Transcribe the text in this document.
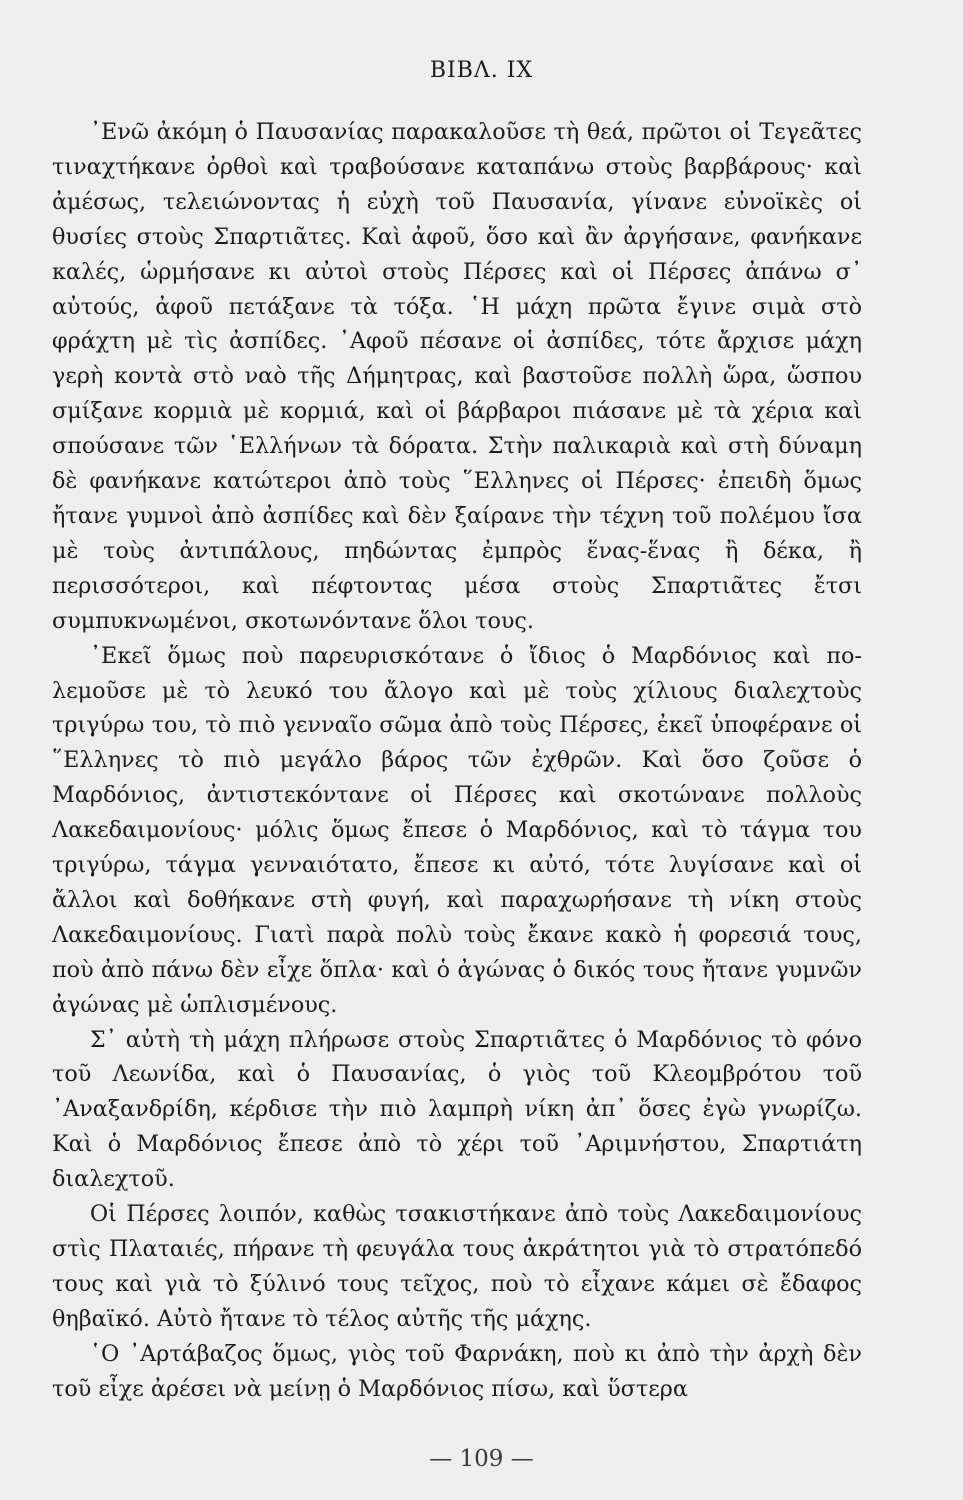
ΒΙΒΛ. IX

᾿Ενῶ ἀκόμη ὁ Παυσανίας παρακαλοῦσε τὴ θεά, πρῶτοι οἱ Τεγεᾶτες τιναχτήκανε ὀρθοὶ καὶ τραβούσανε καταπάνω στοὺς βαρβάρους· καὶ ἀμέσως, τελειώνοντας ἡ εὐχὴ τοῦ Παυσανία, γίνανε εὐνοϊκὲς οἱ θυσίες στοὺς Σπαρτιᾶτες. Καὶ ἀφοῦ, ὅσο καὶ ἂν ἀργήσανε, φανήκανε καλές, ὡρμήσανε κι αὐτοὶ στοὺς Πέρσες καὶ οἱ Πέρσες ἀπάνω σ᾿ αὐτούς, ἀφοῦ πετάξανε τὰ τόξα. ῾Η μάχη πρῶτα ἔγινε σιμὰ στὸ φράχτη μὲ τὶς ἀσπίδες. ᾿Αφοῦ πέσανε οἱ ἀσπίδες, τότε ἄρχισε μάχη γερὴ κοντὰ στὸ ναὸ τῆς Δήμητρας, καὶ βαστοῦσε πολλὴ ὥρα, ὥσπου σμίξανε κορμιὰ μὲ κορμιά, καὶ οἱ βάρβαροι πιάσανε μὲ τὰ χέρια καὶ σπούσανε τῶν ῾Ελλήνων τὰ δόρατα. Στὴν παλικαριὰ καὶ στὴ δύναμη δὲ φανήκανε κατώτεροι ἀπὸ τοὺς ῞Ελληνες οἱ Πέρσες· ἐπειδὴ ὅμως ἤτανε γυμνοὶ ἀπὸ ἀσπίδες καὶ δὲν ξαίρανε τὴν τέχνη τοῦ πολέμου ἴσα μὲ τοὺς ἀντιπάλους, πηδώντας ἐμπρὸς ἕνας-ἕνας ἢ δέκα, ἢ περισσότεροι, καὶ πέφτοντας μέσα στοὺς Σπαρτιᾶτες ἔτσι συμπυκνωμένοι, σκοτωνόντανε ὅλοι τους.

᾿Εκεῖ ὅμως ποὺ παρευρισκότανε ὁ ἴδιος ὁ Μαρδόνιος καὶ πολεμοῦσε μὲ τὸ λευκό του ἄλογο καὶ μὲ τοὺς χίλιους διαλεχτοὺς τριγύρω του, τὸ πιὸ γενναῖο σῶμα ἀπὸ τοὺς Πέρσες, ἐκεῖ ὑποφέρανε οἱ ῞Ελληνες τὸ πιὸ μεγάλο βάρος τῶν ἐχθρῶν. Καὶ ὅσο ζοῦσε ὁ Μαρδόνιος, ἀντιστεκόντανε οἱ Πέρσες καὶ σκοτώνανε πολλοὺς Λακεδαιμονίους· μόλις ὅμως ἔπεσε ὁ Μαρδόνιος, καὶ τὸ τάγμα του τριγύρω, τάγμα γενναιότατο, ἔπεσε κι αὐτό, τότε λυγίσανε καὶ οἱ ἄλλοι καὶ δοθήκανε στὴ φυγή, καὶ παραχωρήσανε τὴ νίκη στοὺς Λακεδαιμονίους. Γιατὶ παρὰ πολὺ τοὺς ἔκανε κακὸ ἡ φορεσιά τους, ποὺ ἀπὸ πάνω δὲν εἶχε ὅπλα· καὶ ὁ ἀγώνας ὁ δικός τους ἤτανε γυμνῶν ἀγώνας μὲ ὡπλισμένους.

Σ᾿ αὐτὴ τὴ μάχη πλήρωσε στοὺς Σπαρτιᾶτες ὁ Μαρδόνιος τὸ φόνο τοῦ Λεωνίδα, καὶ ὁ Παυσανίας, ὁ γιὸς τοῦ Κλεομβρότου τοῦ ᾿Αναξανδρίδη, κέρδισε τὴν πιὸ λαμπρὴ νίκη ἀπ᾿ ὅσες ἐγὼ γνωρίζω. Καὶ ὁ Μαρδόνιος ἔπεσε ἀπὸ τὸ χέρι τοῦ ᾿Αριμνήστου, Σπαρτιάτη διαλεχτοῦ.

Οἱ Πέρσες λοιπόν, καθὼς τσακιστήκανε ἀπὸ τοὺς Λακεδαιμονίους στὶς Πλαταιές, πήρανε τὴ φευγάλα τους ἀκράτητοι γιὰ τὸ στρατόπεδό τους καὶ γιὰ τὸ ξύλινό τους τεῖχος, ποὺ τὸ εἶχανε κάμει σὲ ἔδαφος θηβαϊκό. Αὐτὸ ἤτανε τὸ τέλος αὐτῆς τῆς μάχης.

῾Ο ᾿Αρτάβαζος ὅμως, γιὸς τοῦ Φαρνάκη, ποὺ κι ἀπὸ τὴν ἀρχὴ δὲν τοῦ εἶχε ἀρέσει νὰ μείνῃ ὁ Μαρδόνιος πίσω, καὶ ὕστερα

— 109 —
